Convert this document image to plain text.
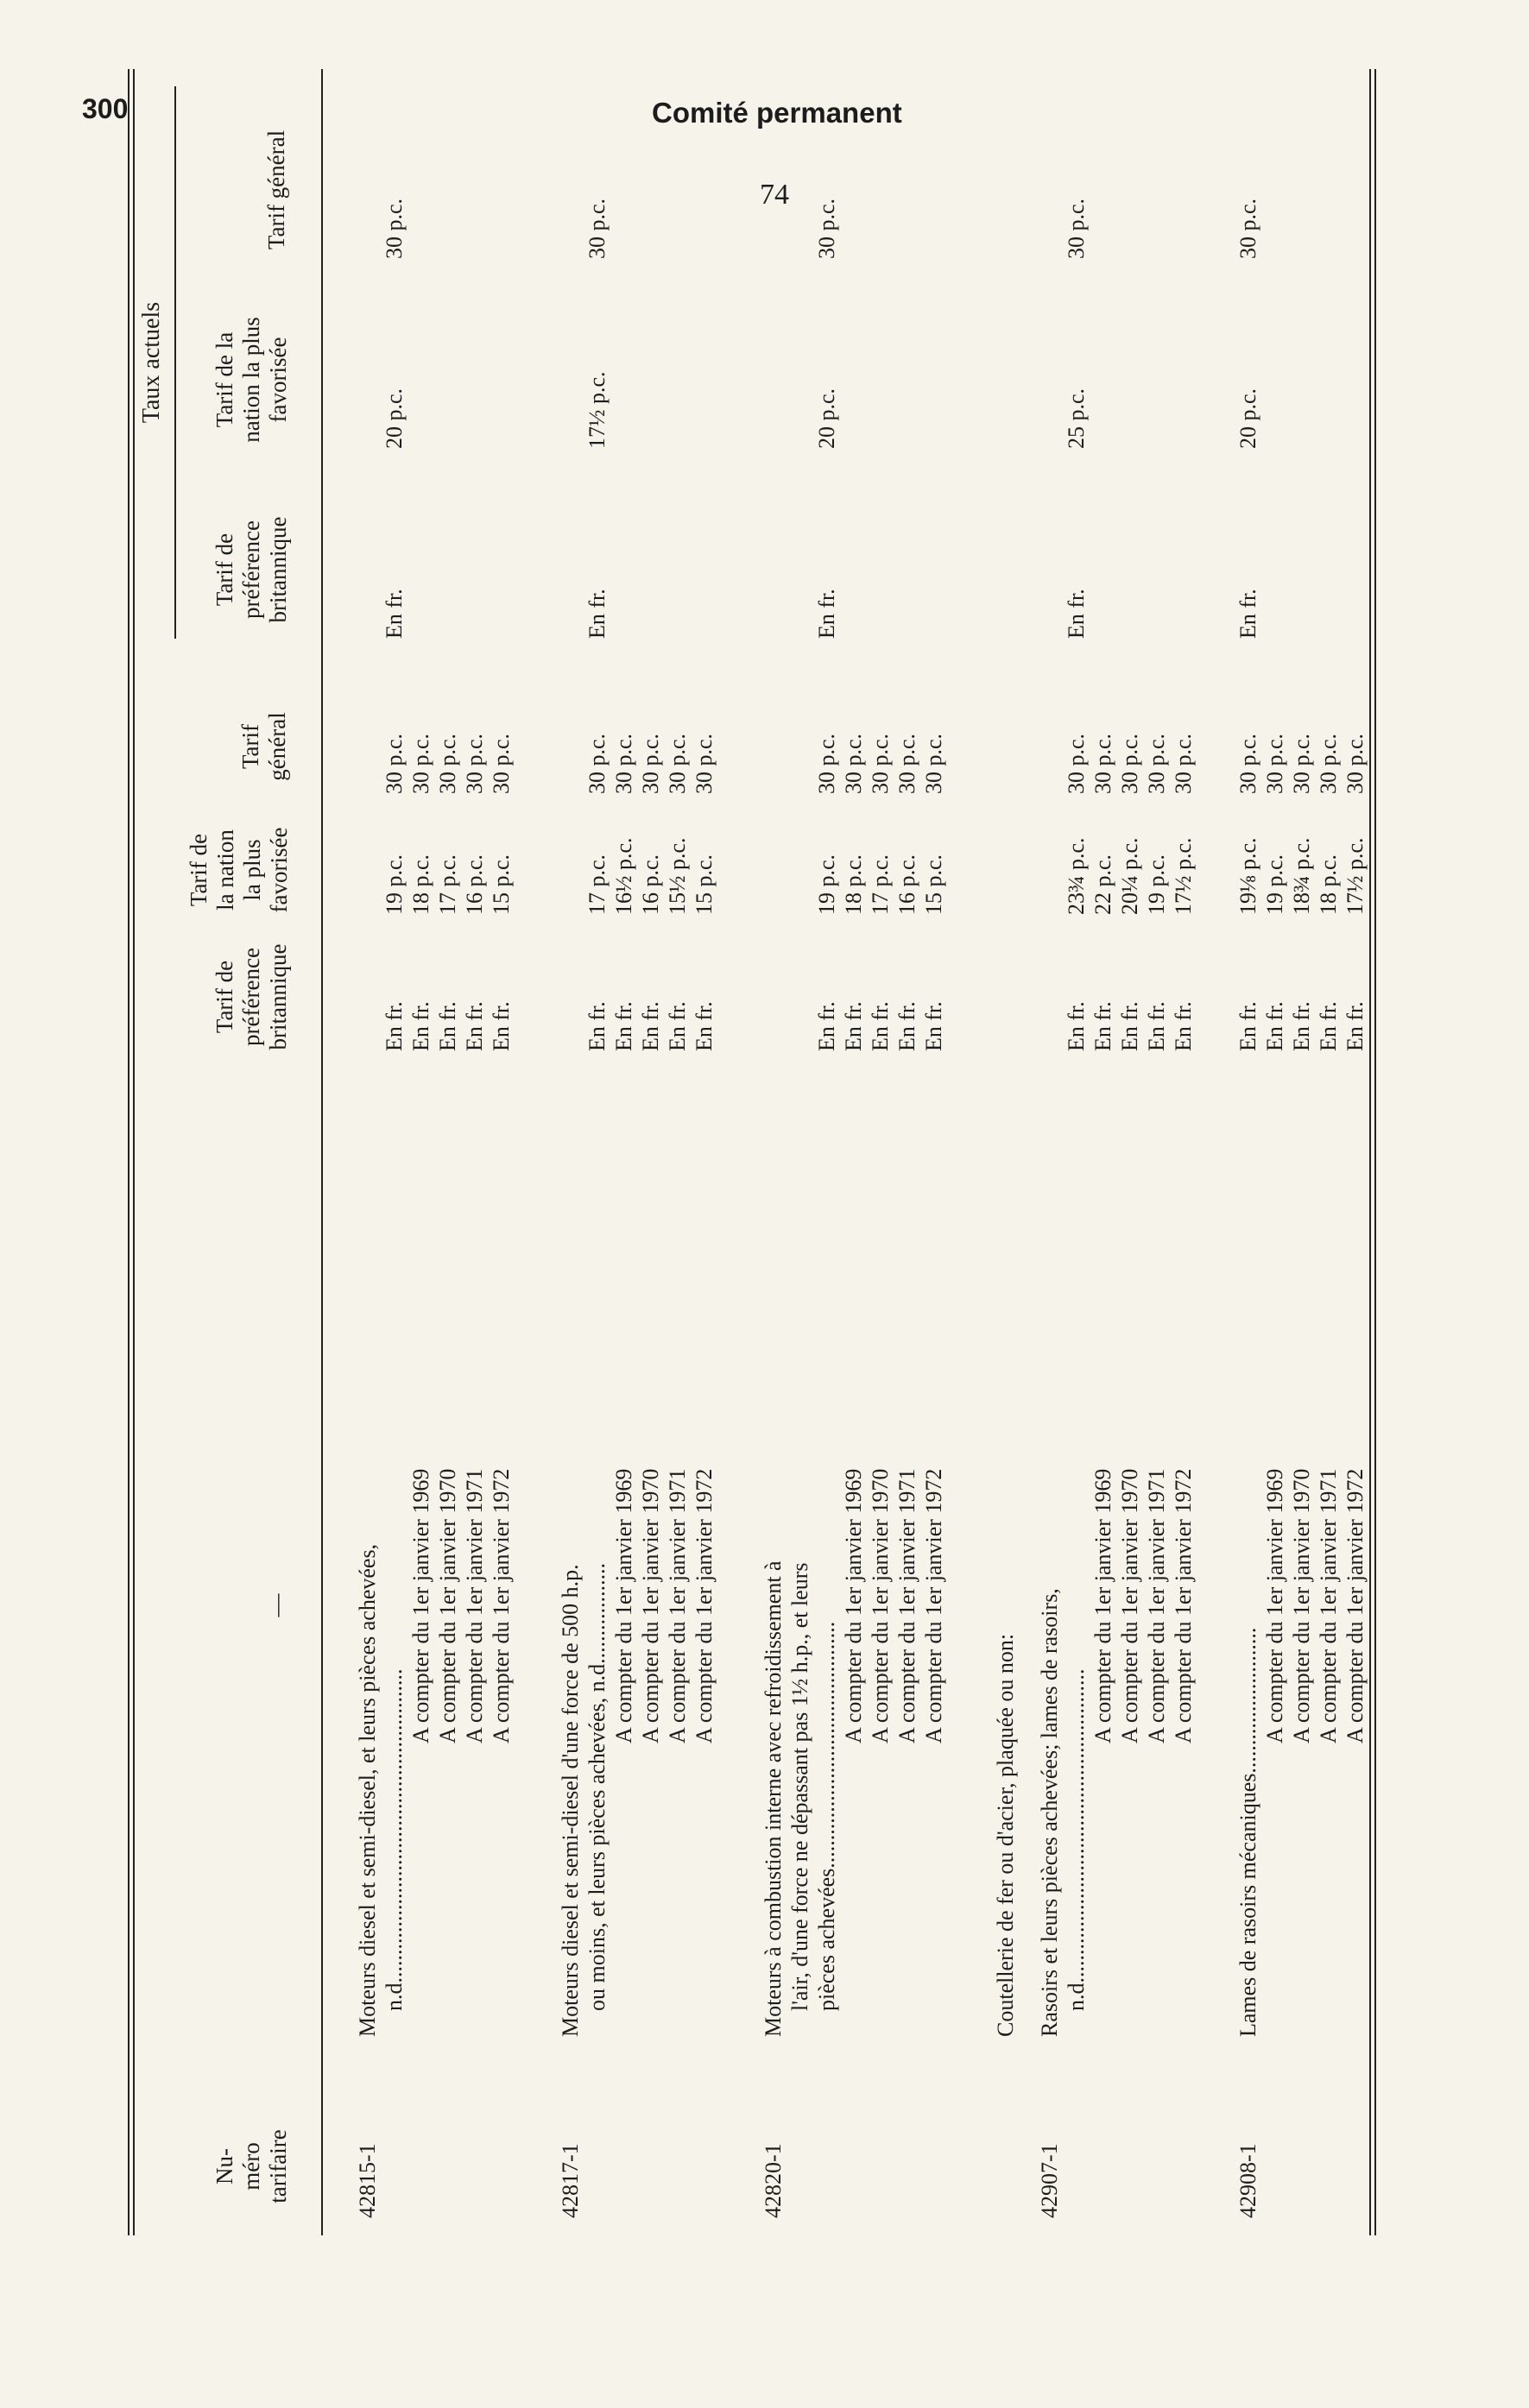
300	Comité permanent
74
Nu- méro tarifaire
—
Tarif de préférence britannique
Tarif de la nation la plus favorisée
Tarif général
Taux actuels
Tarif de préférence britannique
Tarif de la nation la plus favorisée
Tarif général
42815-1
Moteurs diesel et semi-diesel, et leurs pièces achevées, n.d........................................................
A compter du 1er janvier 1969 A compter du 1er janvier 1970 A compter du 1er janvier 1971 A compter du 1er janvier 1972
En fr. En fr. En fr. En fr. En fr.
19 p.c. 18 p.c. 17 p.c. 16 p.c. 15 p.c.
30 p.c. 30 p.c. 30 p.c. 30 p.c. 30 p.c.
En fr.
20 p.c.
30 p.c.
42817-1
Moteurs diesel et semi-diesel d'une force de 500 h.p. ou moins, et leurs pièces achevées, n.d.................. A compter du 1er janvier 1969 A compter du 1er janvier 1970 A compter du 1er janvier 1971 A compter du 1er janvier 1972
En fr. En fr. En fr. En fr. En fr.
17 p.c. 16½ p.c. 16 p.c. 15½ p.c. 15 p.c.
30 p.c. 30 p.c. 30 p.c. 30 p.c. 30 p.c.
En fr.
17½ p.c.
30 p.c.
42820-1
Moteurs à combustion interne avec refroidissement à l'air, d'une force ne dépassant pas 1½ h.p., et leurs pièces achevées............................................
A compter du 1er janvier 1969 A compter du 1er janvier 1970 A compter du 1er janvier 1971 A compter du 1er janvier 1972
En fr. En fr. En fr. En fr. En fr.
19 p.c. 18 p.c. 17 p.c. 16 p.c. 15 p.c.
30 p.c. 30 p.c. 30 p.c. 30 p.c. 30 p.c.
En fr.
20 p.c.
30 p.c.
Coutellerie de fer ou d'acier, plaquée ou non:
42907-1
Rasoirs et leurs pièces achevées; lames de rasoirs, n.d........................................................
A compter du 1er janvier 1969 A compter du 1er janvier 1970 A compter du 1er janvier 1971 A compter du 1er janvier 1972
En fr. En fr. En fr. En fr. En fr.
23¾ p.c. 22 p.c. 20¼ p.c. 19 p.c. 17½ p.c.
30 p.c. 30 p.c. 30 p.c. 30 p.c. 30 p.c.
En fr.
25 p.c.
30 p.c.
42908-1
Lames de rasoirs mécaniques..........................
A compter du 1er janvier 1969 A compter du 1er janvier 1970 A compter du 1er janvier 1971 A compter du 1er janvier 1972
En fr. En fr. En fr. En fr. En fr.
19⅛ p.c. 19 p.c. 18¾ p.c. 18 p.c. 17½ p.c.
30 p.c. 30 p.c. 30 p.c. 30 p.c. 30 p.c.
En fr.
20 p.c.
30 p.c.
